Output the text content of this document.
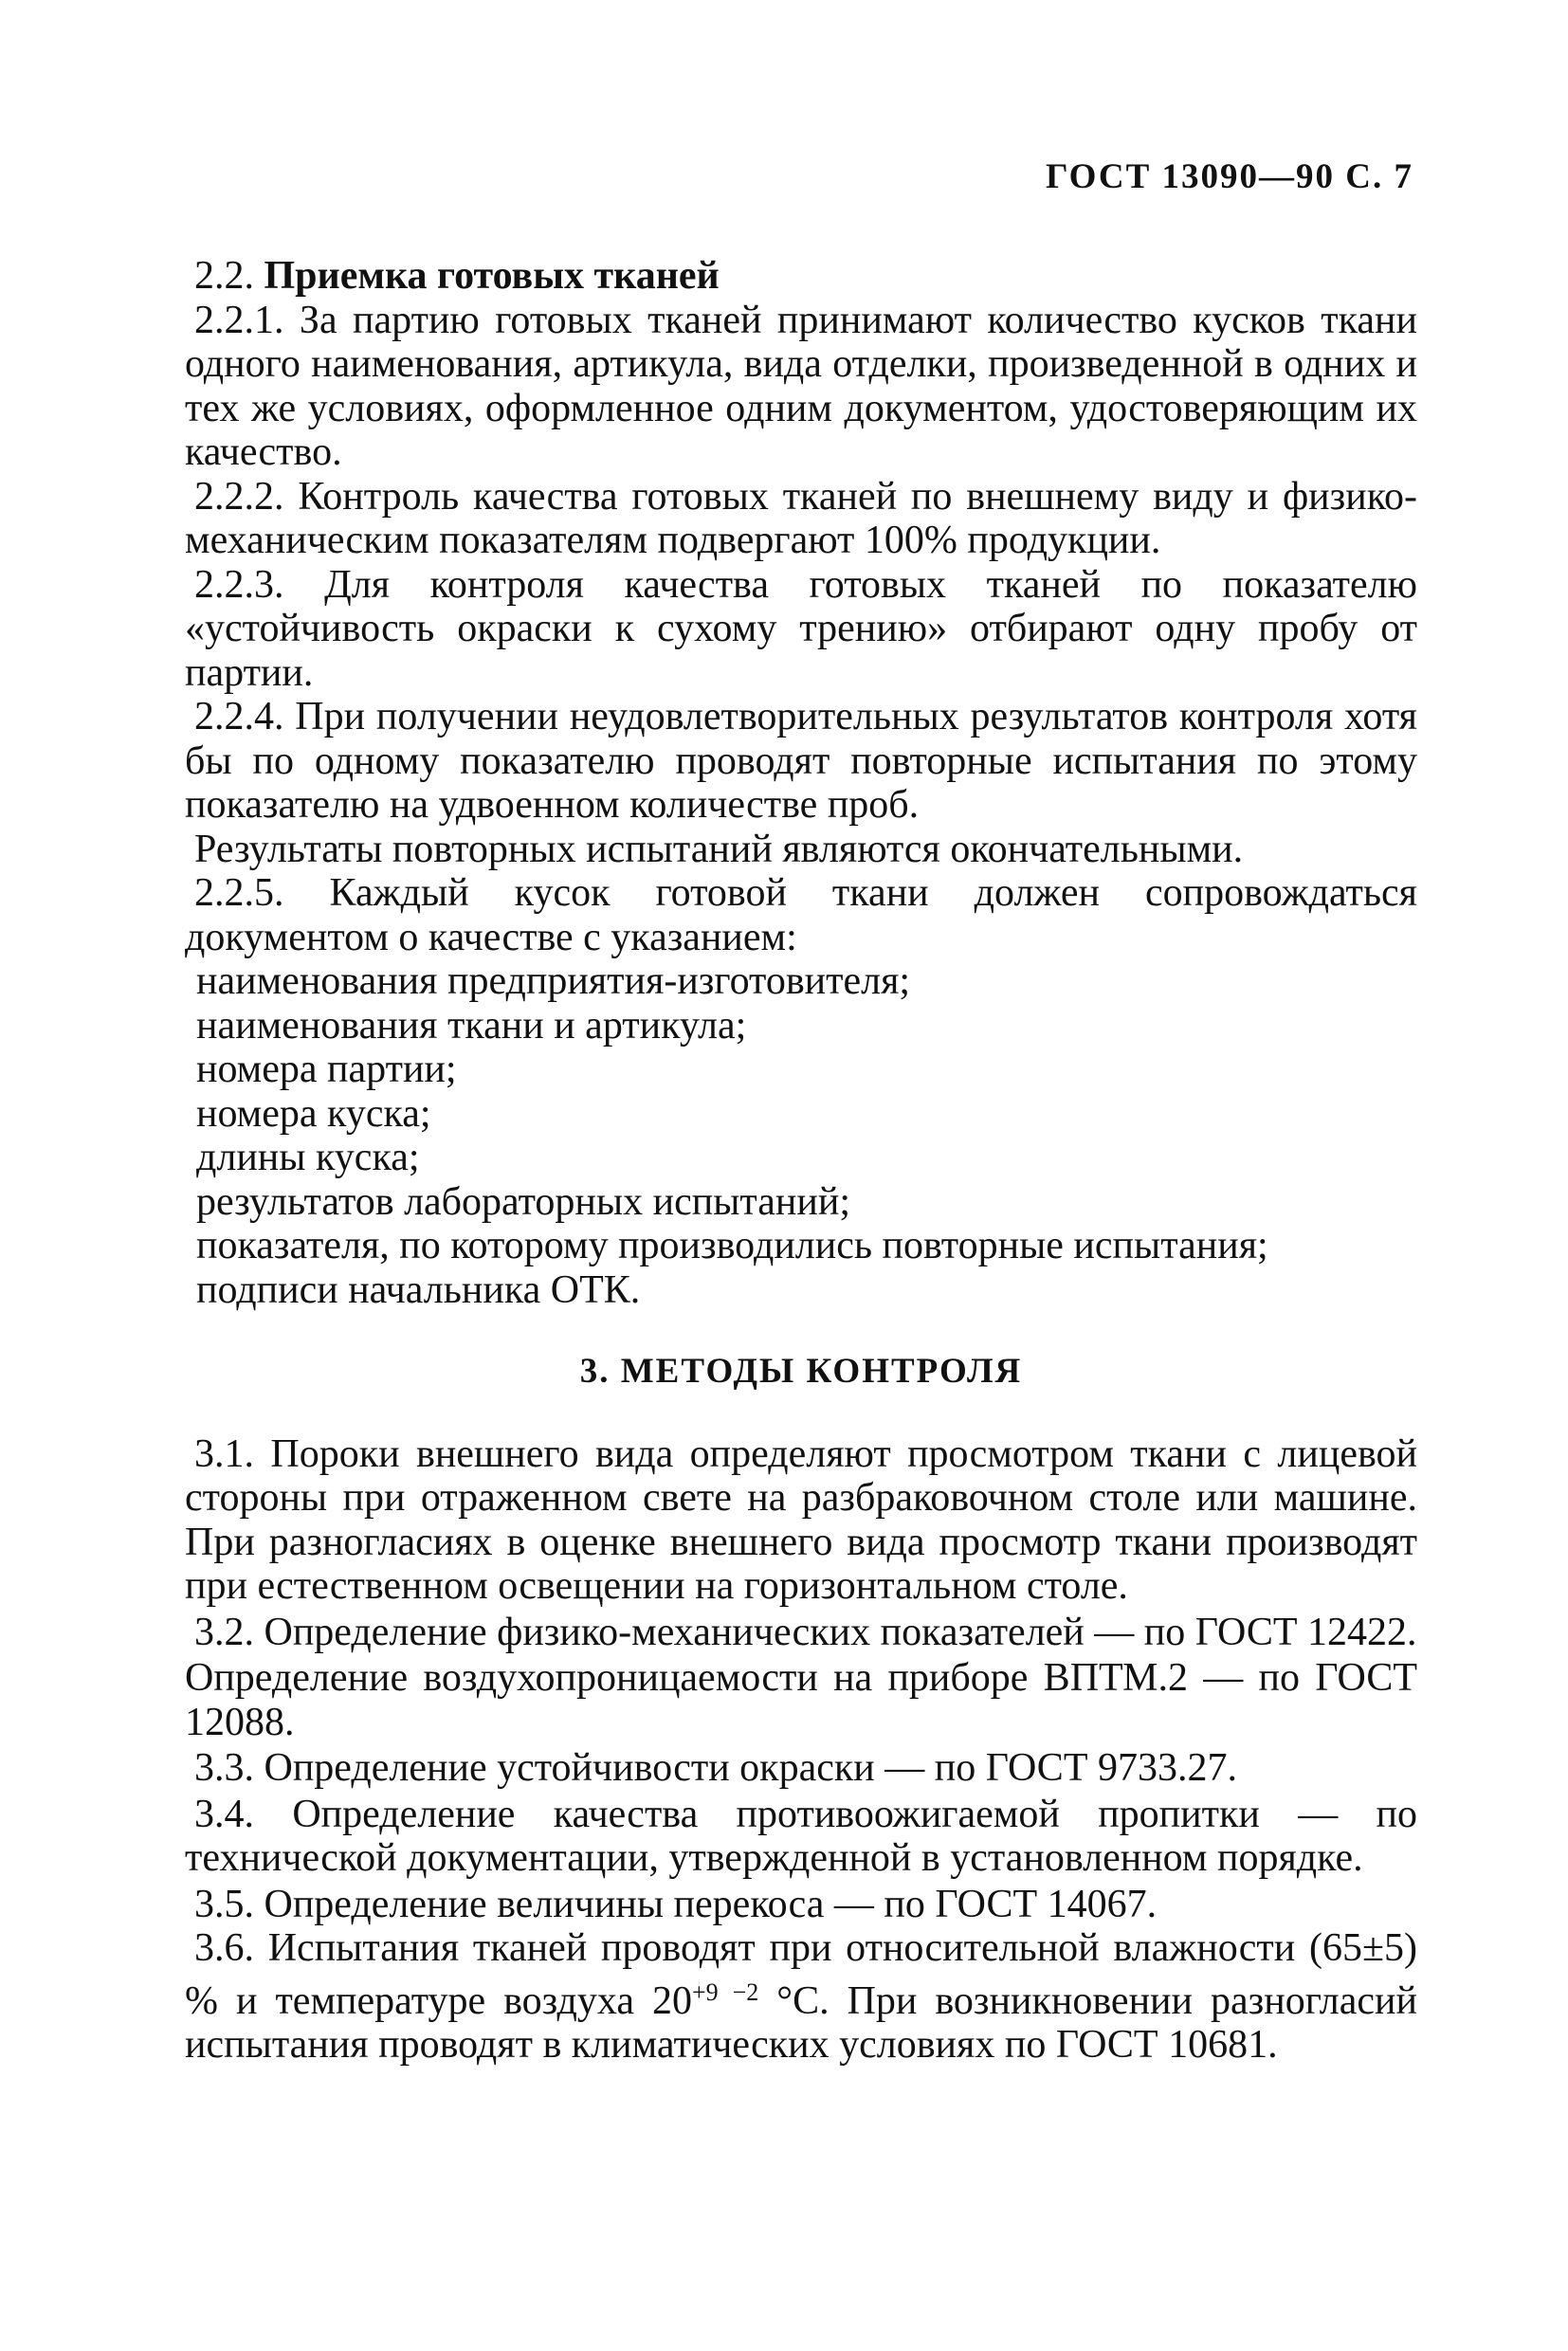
ГОСТ 13090—90 С. 7

2.2. Приемка готовых тканей

2.2.1. За партию готовых тканей принимают количество кусков ткани одного наименования, артикула, вида отделки, произведенной в одних и тех же условиях, оформленное одним документом, удостоверяющим их качество.

2.2.2. Контроль качества готовых тканей по внешнему виду и физико-механическим показателям подвергают 100% продукции.

2.2.3. Для контроля качества готовых тканей по показателю «устойчивость окраски к сухому трению» отбирают одну пробу от партии.

2.2.4. При получении неудовлетворительных результатов контроля хотя бы по одному показателю проводят повторные испытания по этому показателю на удвоенном количестве проб.

Результаты повторных испытаний являются окончательными.

2.2.5. Каждый кусок готовой ткани должен сопровождаться документом о качестве с указанием:

наименования предприятия-изготовителя;

наименования ткани и артикула;

номера партии;

номера куска;

длины куска;

результатов лабораторных испытаний;

показателя, по которому производились повторные испытания;

подписи начальника ОТК.

3. МЕТОДЫ КОНТРОЛЯ

3.1. Пороки внешнего вида определяют просмотром ткани с лицевой стороны при отраженном свете на разбраковочном столе или машине. При разногласиях в оценке внешнего вида просмотр ткани производят при естественном освещении на горизонтальном столе.

3.2. Определение физико-механических показателей — по ГОСТ 12422.

Определение воздухопроницаемости на приборе ВПТМ.2 — по ГОСТ 12088.

3.3. Определение устойчивости окраски — по ГОСТ 9733.27.

3.4. Определение качества противоожигаемой пропитки — по технической документации, утвержденной в установленном порядке.

3.5. Определение величины перекоса — по ГОСТ 14067.

3.6. Испытания тканей проводят при относительной влажности (65±5) % и температуре воздуха $20^{+9 -2}$ °С. При возникновении разногласий испытания проводят в климатических условиях по ГОСТ 10681.
